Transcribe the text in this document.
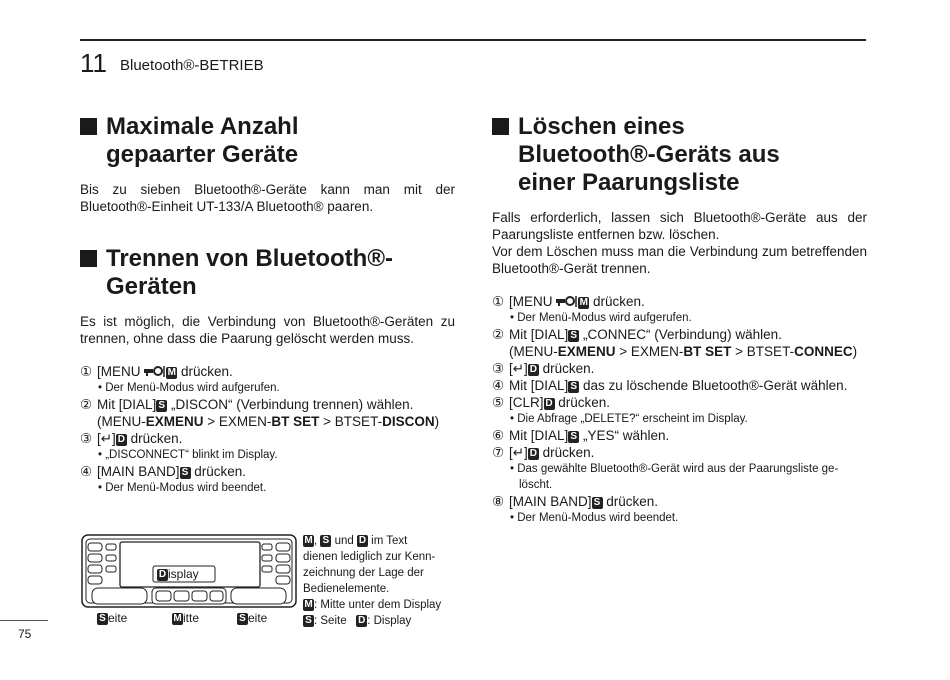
11 Bluetooth®-BETRIEB
Maximale Anzahl
gepaarter Geräte

Bis zu sieben Bluetooth®-Geräte kann man mit der Bluetooth®-Einheit UT-133/A Bluetooth® paaren.

Trennen von Bluetooth®-
Geräten

Es ist möglich, die Verbindung von Bluetooth®-Geräten zu trennen, ohne dass die Paarung gelöscht werden muss.

① [MENU M drücken.
• Der Menü-Modus wird aufgerufen.
② Mit [DIAL] S „DISCON“ (Verbindung trennen) wählen.
(MENU-EXMENU > EXMEN-BT SET > BTSET-DISCON)
③ [↵] D drücken.
• „DISCONNECT“ blinkt im Display.
④ [MAIN BAND] S drücken.
• Der Menü-Modus wird beendet.
Löschen eines
Bluetooth®-Geräts aus
einer Paarungsliste

Falls erforderlich, lassen sich Bluetooth®-Geräte aus der Paarungsliste entfernen bzw. löschen.

Vor dem Löschen muss man die Verbindung zum betreffenden Bluetooth®-Gerät trennen.

① [MENU M drücken.
• Der Menü-Modus wird aufgerufen.
② Mit [DIAL] S „CONNEC“ (Verbindung) wählen.
(MENU-EXMENU > EXMEN-BT SET > BTSET-CONNEC)
③ [↵] D drücken.
④ Mit [DIAL] S das zu löschende Bluetooth®-Gerät wählen.
⑤ [CLR] D drücken.
• Die Abfrage „DELETE?“ erscheint im Display.
⑥ Mit [DIAL] S „YES“ wählen.
⑦ [↵] D drücken.
• Das gewählte Bluetooth®-Gerät wird aus der Paarungsliste ge-
löscht.
⑧ [MAIN BAND] S drücken.
• Der Menü-Modus wird beendet.
D isplay
S eite	Mitte	S eite
M, S und D im Text
dienen lediglich zur Kenn-
zeichnung der Lage der
Bedienelemente.
M: Mitte unter dem Display
S : Seite D : Display
75
